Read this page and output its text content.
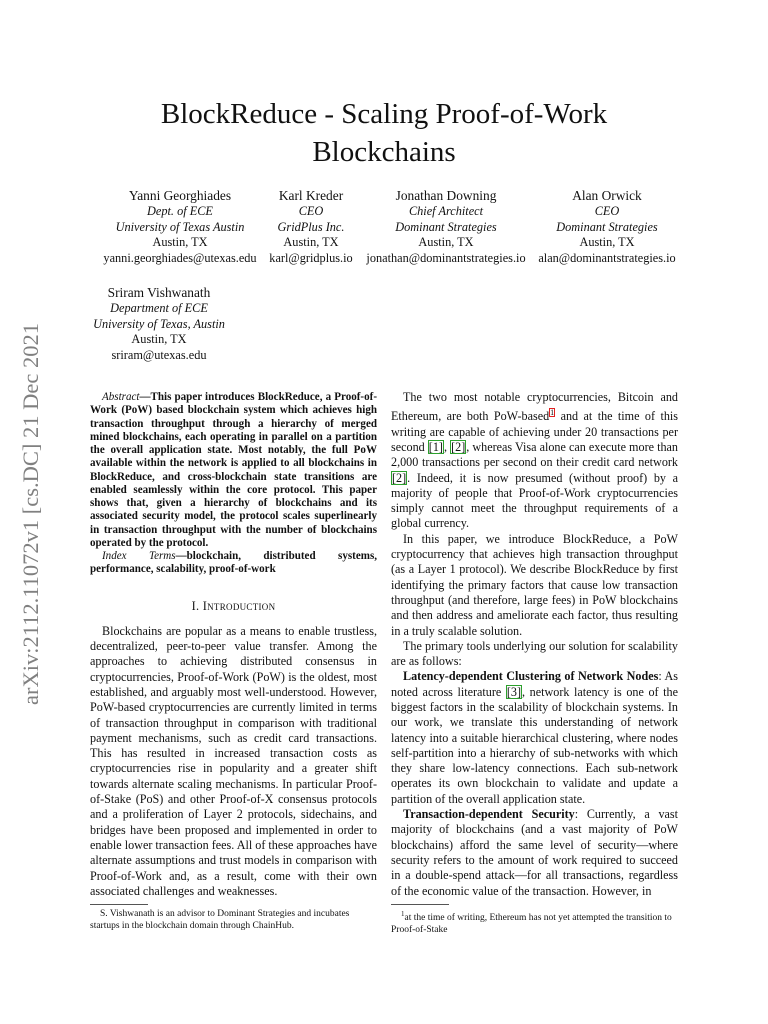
arXiv:2112.11072v1 [cs.DC] 21 Dec 2021
BlockReduce - Scaling Proof-of-Work
Blockchains
Yanni Georghiades
Dept. of ECE
University of Texas Austin
Austin, TX
yanni.georghiades@utexas.edu
Karl Kreder
CEO
GridPlus Inc.
Austin, TX
karl@gridplus.io
Jonathan Downing
Chief Architect
Dominant Strategies
Austin, TX
jonathan@dominantstrategies.io
Alan Orwick
CEO
Dominant Strategies
Austin, TX
alan@dominantstrategies.io
Sriram Vishwanath
Department of ECE
University of Texas, Austin
Austin, TX
sriram@utexas.edu

Abstract—This paper introduces BlockReduce, a Proof-of-Work (PoW) based blockchain system which achieves high transaction throughput through a hierarchy of merged mined blockchains, each operating in parallel on a partition the overall application state. Most notably, the full PoW available within the network is applied to all blockchains in BlockReduce, and cross-blockchain state transitions are enabled seamlessly within the core protocol. This paper shows that, given a hierarchy of blockchains and its associated security model, the protocol scales superlinearly in transaction throughput with the number of blockchains operated by the protocol.

Index Terms—blockchain, distributed systems, performance, scalability, proof-of-work

I. Introduction

Blockchains are popular as a means to enable trustless, decentralized, peer-to-peer value transfer. Among the approaches to achieving distributed consensus in cryptocurrencies, Proof-of-Work (PoW) is the oldest, most established, and arguably most well-understood. However, PoW-based cryptocurrencies are currently limited in terms of transaction throughput in comparison with traditional payment mechanisms, such as credit card transactions. This has resulted in increased transaction costs as cryptocurrencies rise in popularity and a greater shift towards alternate scaling mechanisms. In particular Proof-of-Stake (PoS) and other Proof-of-X consensus protocols and a proliferation of Layer 2 protocols, sidechains, and bridges have been proposed and implemented in order to enable lower transaction fees. All of these approaches have alternate assumptions and trust models in comparison with Proof-of-Work and, as a result, come with their own associated challenges and weaknesses.

The two most notable cryptocurrencies, Bitcoin and Ethereum, are both PoW-based$^1$ and at the time of this writing are capable of achieving under 20 transactions per second [1], [2], whereas Visa alone can execute more than 2,000 transactions per second on their credit card network [2]. Indeed, it is now presumed (without proof) by a majority of people that Proof-of-Work cryptocurrencies simply cannot meet the throughput requirements of a global currency.

In this paper, we introduce BlockReduce, a PoW cryptocurrency that achieves high transaction throughput (as a Layer 1 protocol). We describe BlockReduce by first identifying the primary factors that cause low transaction throughput (and therefore, large fees) in PoW blockchains and then address and ameliorate each factor, thus resulting in a truly scalable solution.

The primary tools underlying our solution for scalability are as follows:

Latency-dependent Clustering of Network Nodes: As noted across literature [3], network latency is one of the biggest factors in the scalability of blockchain systems. In our work, we translate this understanding of network latency into a suitable hierarchical clustering, where nodes self-partition into a hierarchy of sub-networks with which they share low-latency connections. Each sub-network operates its own blockchain to validate and update a partition of the overall application state.

Transaction-dependent Security: Currently, a vast majority of blockchains (and a vast majority of PoW blockchains) afford the same level of security—where security refers to the amount of work required to succeed in a double-spend attack—for all transactions, regardless of the economic value of the transaction. However, in

S. Vishwanath is an advisor to Dominant Strategies and incubates startups in the blockchain domain through ChainHub.
$^1$at the time of writing, Ethereum has not yet attempted the transition to Proof-of-Stake
